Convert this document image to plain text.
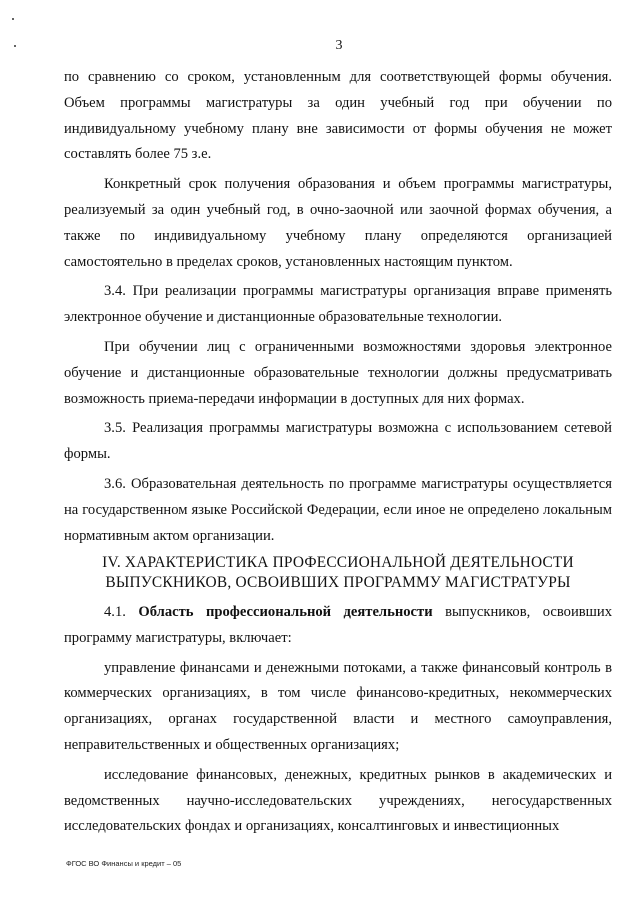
3

по сравнению со сроком, установленным для соответствующей формы обучения. Объем программы магистратуры за один учебный год при обучении по индивидуальному учебному плану вне зависимости от формы обучения не может составлять более 75 з.е.

Конкретный срок получения образования и объем программы магистратуры, реализуемый за один учебный год, в очно-заочной или заочной формах обучения, а также по индивидуальному учебному плану определяются организацией самостоятельно в пределах сроков, установленных настоящим пунктом.

3.4. При реализации программы магистратуры организация вправе применять электронное обучение и дистанционные образовательные технологии.

При обучении лиц с ограниченными возможностями здоровья электронное обучение и дистанционные образовательные технологии должны предусматривать возможность приема-передачи информации в доступных для них формах.

3.5. Реализация программы магистратуры возможна с использованием сетевой формы.

3.6. Образовательная деятельность по программе магистратуры осуществляется на государственном языке Российской Федерации, если иное не определено локальным нормативным актом организации.

IV. ХАРАКТЕРИСТИКА ПРОФЕССИОНАЛЬНОЙ ДЕЯТЕЛЬНОСТИ
ВЫПУСКНИКОВ, ОСВОИВШИХ ПРОГРАММУ МАГИСТРАТУРЫ

4.1. Область профессиональной деятельности выпускников, освоивших программу магистратуры, включает:

управление финансами и денежными потоками, а также финансовый контроль в коммерческих организациях, в том числе финансово-кредитных, некоммерческих организациях, органах государственной власти и местного самоуправления, неправительственных и общественных организациях;

исследование финансовых, денежных, кредитных рынков в академических и ведомственных научно-исследовательских учреждениях, негосударственных исследовательских фондах и организациях, консалтинговых и инвестиционных

ФГОС ВО Финансы и кредит – 05
